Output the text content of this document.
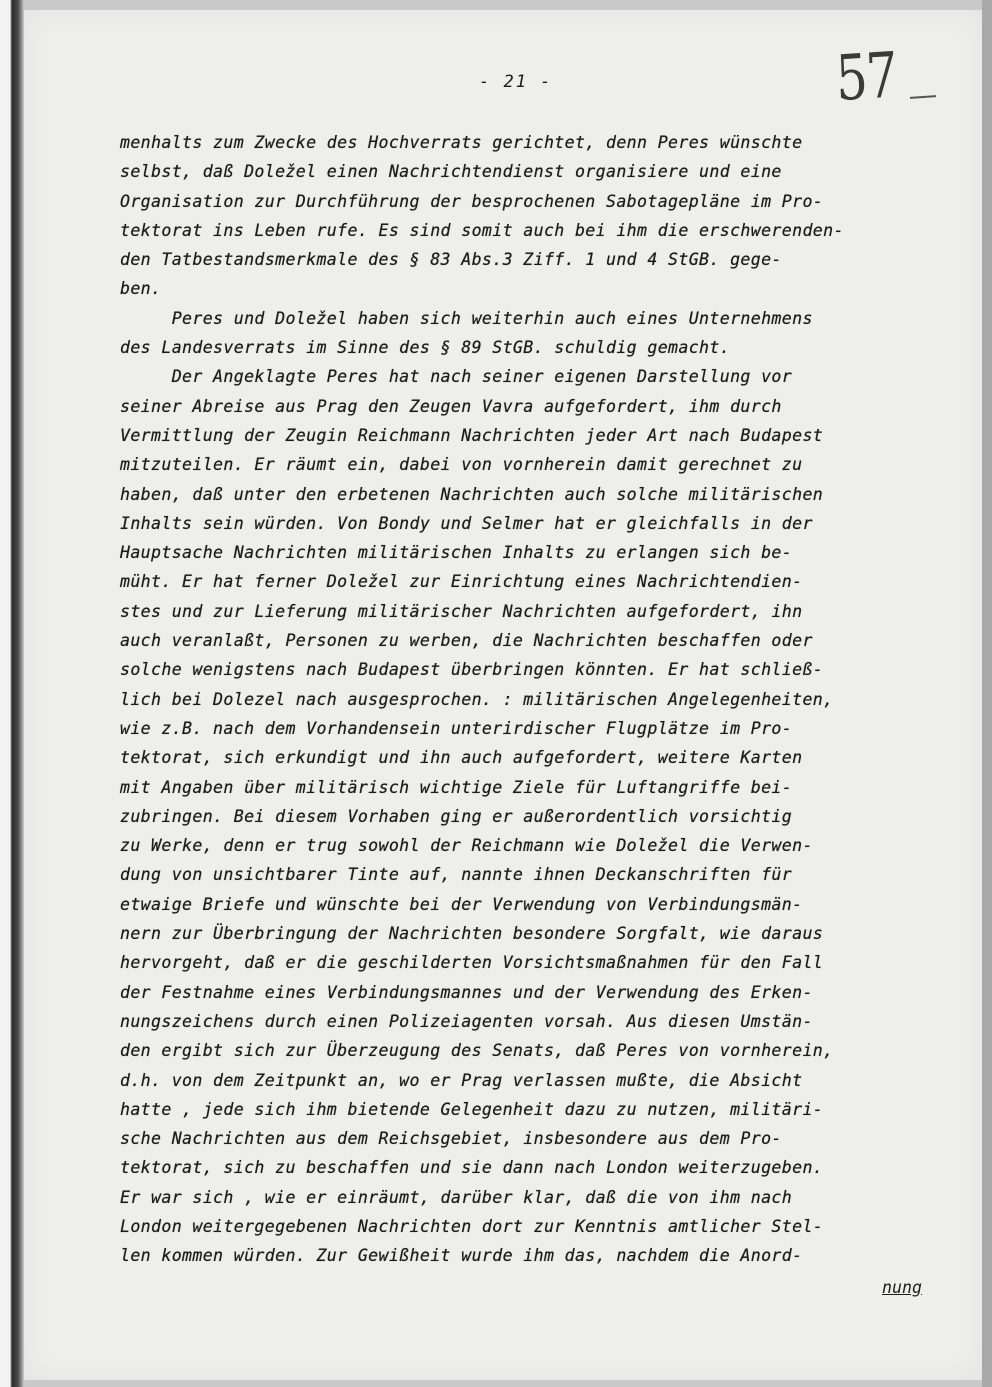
- 21 -	57
menhalts zum Zwecke des Hochverrats gerichtet, denn Peres wünschte
selbst, daß Doležel einen Nachrichtendienst organisiere und eine
Organisation zur Durchführung der besprochenen Sabotagepläne im Pro-
tektorat ins Leben rufe. Es sind somit auch bei ihm die erschwerenden-
den Tatbestandsmerkmale des § 83 Abs.3 Ziff. 1 und 4 StGB. gege-
ben.
Peres und Doležel haben sich weiterhin auch eines Unternehmens
des Landesverrats im Sinne des § 89 StGB. schuldig gemacht.
Der Angeklagte Peres hat nach seiner eigenen Darstellung vor
seiner Abreise aus Prag den Zeugen Vavra aufgefordert, ihm durch
Vermittlung der Zeugin Reichmann Nachrichten jeder Art nach Budapest
mitzuteilen. Er räumt ein, dabei von vornherein damit gerechnet zu
haben, daß unter den erbetenen Nachrichten auch solche militärischen
Inhalts sein würden. Von Bondy und Selmer hat er gleichfalls in der
Hauptsache Nachrichten militärischen Inhalts zu erlangen sich be-
müht. Er hat ferner Doležel zur Einrichtung eines Nachrichtendien-
stes und zur Lieferung militärischer Nachrichten aufgefordert, ihn
auch veranlaßt, Personen zu werben, die Nachrichten beschaffen oder
solche wenigstens nach Budapest überbringen könnten. Er hat schließ-
lich bei Dolezel nach ausgesprochen. : militärischen Angelegenheiten,
wie z.B. nach dem Vorhandensein unterirdischer Flugplätze im Pro-
tektorat, sich erkundigt und ihn auch aufgefordert, weitere Karten
mit Angaben über militärisch wichtige Ziele für Luftangriffe bei-
zubringen. Bei diesem Vorhaben ging er außerordentlich vorsichtig
zu Werke, denn er trug sowohl der Reichmann wie Doležel die Verwen-
dung von unsichtbarer Tinte auf, nannte ihnen Deckanschriften für
etwaige Briefe und wünschte bei der Verwendung von Verbindungsmän-
nern zur Überbringung der Nachrichten besondere Sorgfalt, wie daraus
hervorgeht, daß er die geschilderten Vorsichtsmaßnahmen für den Fall
der Festnahme eines Verbindungsmannes und der Verwendung des Erken-
nungszeichens durch einen Polizeiagenten vorsah. Aus diesen Umstän-
den ergibt sich zur Überzeugung des Senats, daß Peres von vornherein,
d.h. von dem Zeitpunkt an, wo er Prag verlassen mußte, die Absicht
hatte , jede sich ihm bietende Gelegenheit dazu zu nutzen, militäri-
sche Nachrichten aus dem Reichsgebiet, insbesondere aus dem Pro-
tektorat, sich zu beschaffen und sie dann nach London weiterzugeben.
Er war sich , wie er einräumt, darüber klar, daß die von ihm nach
London weitergegebenen Nachrichten dort zur Kenntnis amtlicher Stel-
len kommen würden. Zur Gewißheit wurde ihm das, nachdem die Anord-
nung
